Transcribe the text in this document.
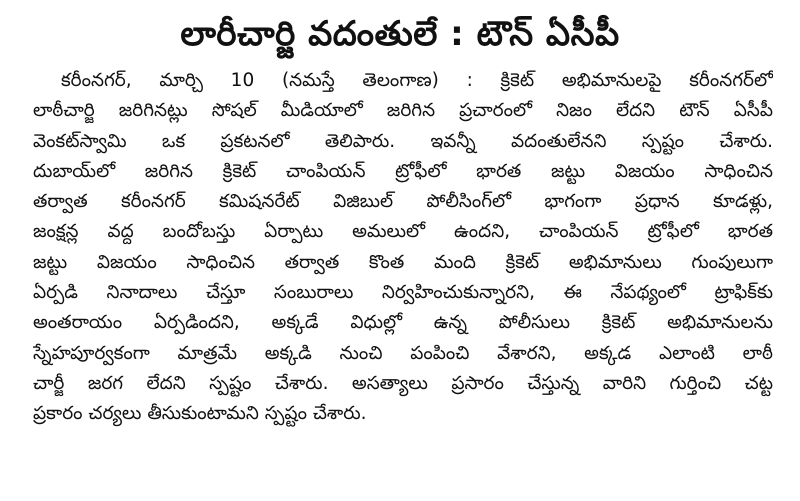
లారీచార్జి వదంతులే : టౌన్ ఏసీపీ
కరీంనగర్, మార్చి 10 (నమస్తే తెలంగాణ) : క్రికెట్ అభిమానులపై కరీంనగర్‌లో
లాఠీచార్జి జరిగినట్లు సోషల్ మీడియాలో జరిగిన ప్రచారంలో నిజం లేదని టౌన్ ఏసీపీ
వెంకట్‌స్వామి ఒక ప్రకటనలో తెలిపారు. ఇవన్నీ వదంతులేనని స్పష్టం చేశారు.
దుబాయ్‌లో జరిగిన క్రికెట్ చాంపియన్ ట్రోఫీలో భారత జట్టు విజయం సాధించిన
తర్వాత కరీంనగర్ కమిషనరేట్ విజిబుల్ పోలీసింగ్‌లో భాగంగా ప్రధాన కూడళ్లు,
జంక్షన్ల వద్ద బందోబస్తు ఏర్పాటు అమలులో ఉందని, చాంపియన్ ట్రోఫీలో భారత
జట్టు విజయం సాధించిన తర్వాత కొంత మంది క్రికెట్ అభిమానులు గుంపులుగా
ఏర్పడి నినాదాలు చేస్తూ సంబురాలు నిర్వహించుకున్నారని, ఈ నేపథ్యంలో ట్రాఫిక్‌కు
అంతరాయం ఏర్పడిందని, అక్కడే విధుల్లో ఉన్న పోలీసులు క్రికెట్ అభిమానులను
స్నేహపూర్వకంగా మాత్రమే అక్కడి నుంచి పంపించి వేశారని, అక్కడ ఎలాంటి లాఠీ
చార్జీ జరగ లేదని స్పష్టం చేశారు. అసత్యాలు ప్రసారం చేస్తున్న వారిని గుర్తించి చట్ట
ప్రకారం చర్యలు తీసుకుంటామని స్పష్టం చేశారు.
